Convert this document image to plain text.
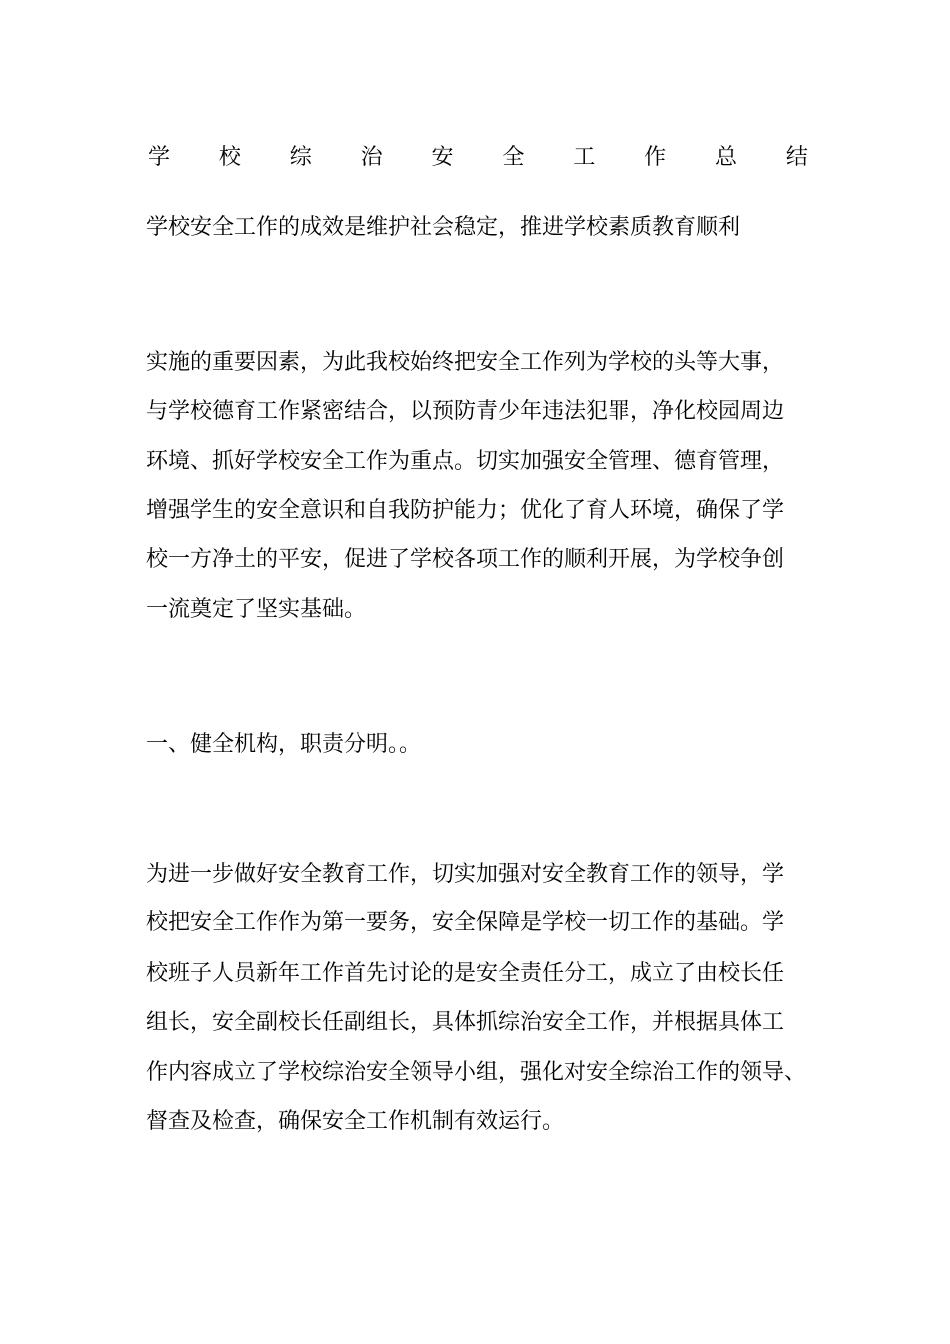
学 校 综 治 安 全 工 作 总 结
学校安全工作的成效是维护社会稳定，推进学校素质教育顺利
实施的重要因素，为此我校始终把安全工作列为学校的头等大事，
与学校德育工作紧密结合，以预防青少年违法犯罪，净化校园周边
环境、抓好学校安全工作为重点。切实加强安全管理、德育管理，
增强学生的安全意识和自我防护能力；优化了育人环境，确保了学
校一方净土的平安，促进了学校各项工作的顺利开展，为学校争创
一流奠定了坚实基础。
一、健全机构，职责分明。。
为进一步做好安全教育工作，切实加强对安全教育工作的领导，学
校把安全工作作为第一要务，安全保障是学校一切工作的基础。学
校班子人员新年工作首先讨论的是安全责任分工，成立了由校长任
组长，安全副校长任副组长，具体抓综治安全工作，并根据具体工
作内容成立了学校综治安全领导小组，强化对安全综治工作的领导、
督查及检查，确保安全工作机制有效运行。
